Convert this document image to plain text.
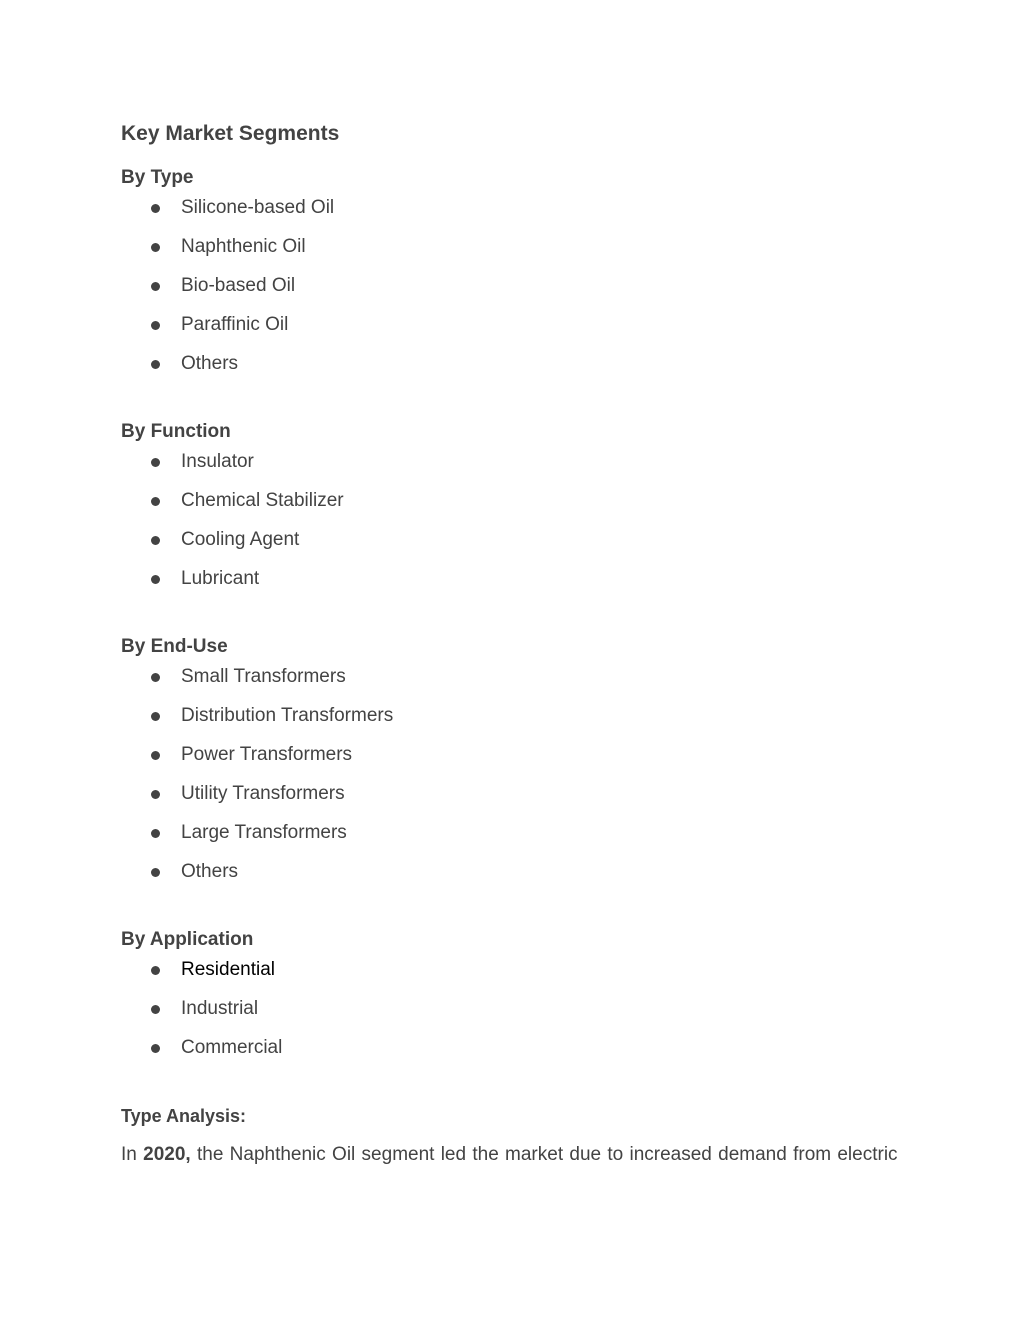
Key Market Segments
By Type
Silicone-based Oil
Naphthenic Oil
Bio-based Oil
Paraffinic Oil
Others
By Function
Insulator
Chemical Stabilizer
Cooling Agent
Lubricant
By End-Use
Small Transformers
Distribution Transformers
Power Transformers
Utility Transformers
Large Transformers
Others
By Application
Residential
Industrial
Commercial
Type Analysis:

In 2020, the Naphthenic Oil segment led the market due to increased demand from electric
